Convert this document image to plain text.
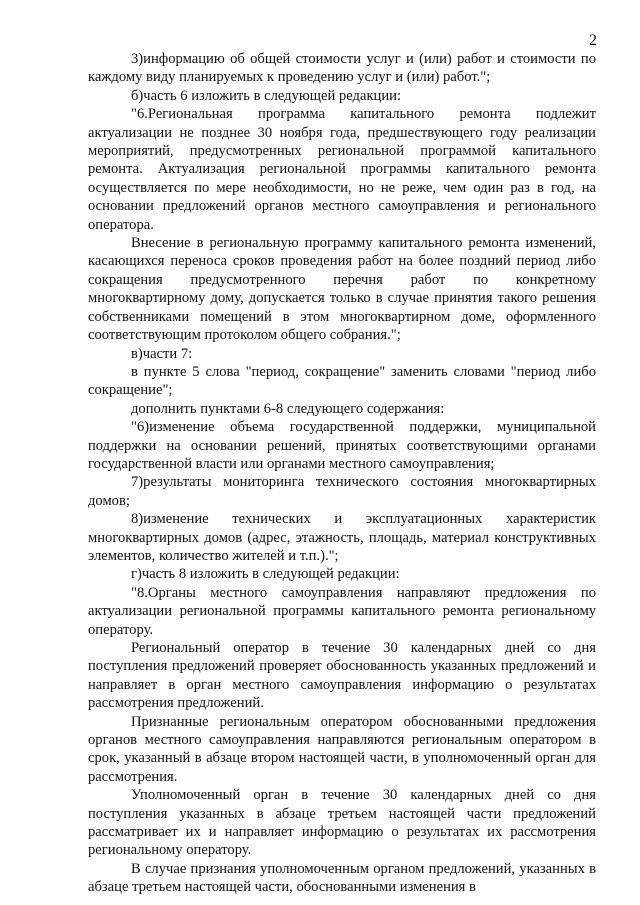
2

3)информацию об общей стоимости услуг и (или) работ и стоимости по каждому виду планируемых к проведению услуг и (или) работ.";

б)часть 6 изложить в следующей редакции:

"6.Региональная программа капитального ремонта подлежит актуализации не позднее 30 ноября года, предшествующего году реализации мероприятий, предусмотренных региональной программой капитального ремонта. Актуализация региональной программы капитального ремонта осуществляется по мере необходимости, но не реже, чем один раз в год, на основании предложений органов местного самоуправления и регионального оператора.

Внесение в региональную программу капитального ремонта изменений, касающихся переноса сроков проведения работ на более поздний период либо сокращения предусмотренного перечня работ по конкретному многоквартирному дому, допускается только в случае принятия такого решения собственниками помещений в этом многоквартирном доме, оформленного соответствующим протоколом общего собрания.";

в)части 7:

в пункте 5 слова "период, сокращение" заменить словами "период либо сокращение";

дополнить пунктами 6-8 следующего содержания:

"6)изменение объема государственной поддержки, муниципальной поддержки на основании решений, принятых соответствующими органами государственной власти или органами местного самоуправления;

7)результаты мониторинга технического состояния многоквартирных домов;

8)изменение технических и эксплуатационных характеристик многоквартирных домов (адрес, этажность, площадь, материал конструктивных элементов, количество жителей и т.п.).";

г)часть 8 изложить в следующей редакции:

"8.Органы местного самоуправления направляют предложения по актуализации региональной программы капитального ремонта региональному оператору.

Региональный оператор в течение 30 календарных дней со дня поступления предложений проверяет обоснованность указанных предложений и направляет в орган местного самоуправления информацию о результатах рассмотрения предложений.

Признанные региональным оператором обоснованными предложения органов местного самоуправления направляются региональным оператором в срок, указанный в абзаце втором настоящей части, в уполномоченный орган для рассмотрения.

Уполномоченный орган в течение 30 календарных дней со дня поступления указанных в абзаце третьем настоящей части предложений рассматривает их и направляет информацию о результатах их рассмотрения региональному оператору.

В случае признания уполномоченным органом предложений, указанных в абзаце третьем настоящей части, обоснованными изменения в
